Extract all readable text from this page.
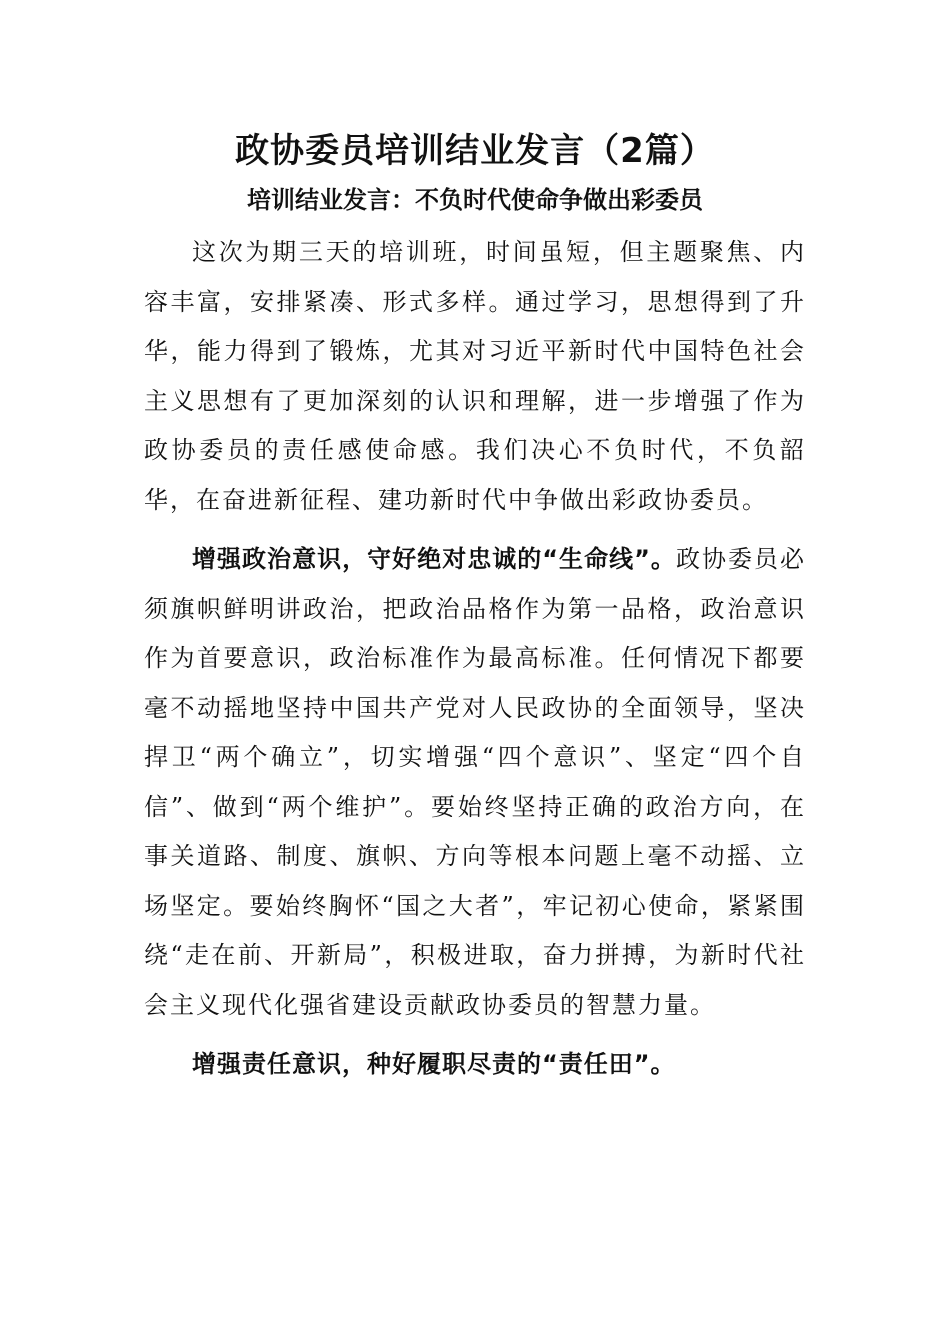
政协委员培训结业发言（2篇）
培训结业发言：不负时代使命争做出彩委员

这次为期三天的培训班，时间虽短，但主题聚焦、内容丰富，安排紧凑、形式多样。通过学习，思想得到了升华，能力得到了锻炼，尤其对习近平新时代中国特色社会主义思想有了更加深刻的认识和理解，进一步增强了作为政协委员的责任感使命感。我们决心不负时代，不负韶华，在奋进新征程、建功新时代中争做出彩政协委员。

增强政治意识，守好绝对忠诚的“生命线”。政协委员必须旗帜鲜明讲政治，把政治品格作为第一品格，政治意识作为首要意识，政治标准作为最高标准。任何情况下都要毫不动摇地坚持中国共产党对人民政协的全面领导，坚决捍卫“两个确立”，切实增强“四个意识”、坚定“四个自信”、做到“两个维护”。要始终坚持正确的政治方向，在事关道路、制度、旗帜、方向等根本问题上毫不动摇、立场坚定。要始终胸怀“国之大者”，牢记初心使命，紧紧围绕“走在前、开新局”，积极进取，奋力拼搏，为新时代社会主义现代化强省建设贡献政协委员的智慧力量。

增强责任意识，种好履职尽责的“责任田”。
